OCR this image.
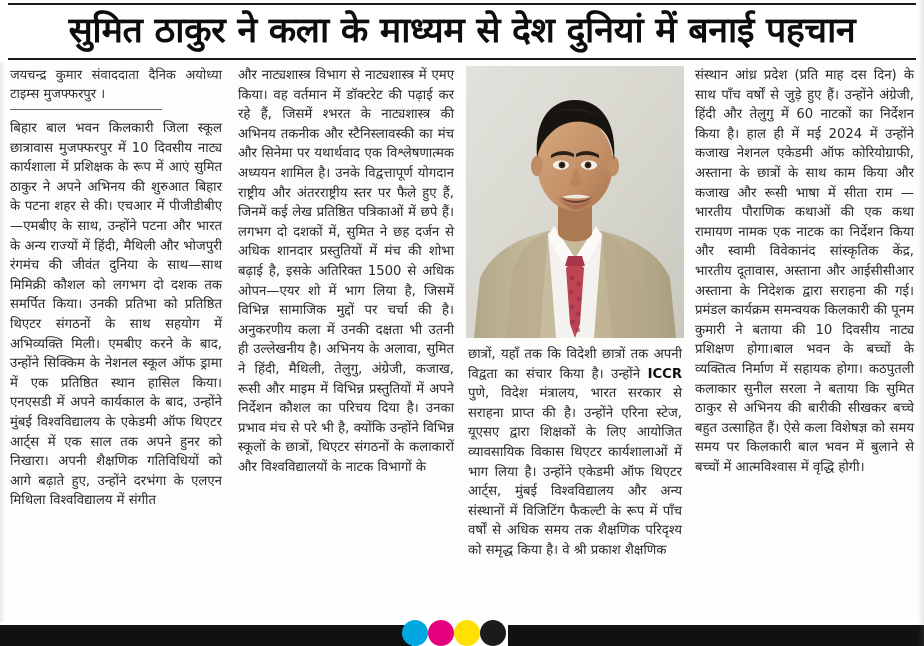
सुमित ठाकुर ने कला के माध्यम से देश दुनियां में बनाई पहचान

जयचन्द्र कुमार संवाददाता दैनिक अयोध्या टाइम्स मुजफ्फरपुर ।

बिहार बाल भवन किलकारी जिला स्कूल छात्रावास मुजफ्फरपुर में 10 दिवसीय नाट्य कार्यशाला में प्रशिक्षक के रूप में आएं सुमित ठाकुर ने अपने अभिनय की शुरुआत बिहार के पटना शहर से की। एचआर में पीजीडीबीए—एमबीए के साथ, उन्होंने पटना और भारत के अन्य राज्यों में हिंदी, मैथिली और भोजपुरी रंगमंच की जीवंत दुनिया के साथ—साथ मिमिक्री कौशल को लगभग दो दशक तक समर्पित किया। उनकी प्रतिभा को प्रतिष्ठित थिएटर संगठनों के साथ सहयोग में अभिव्यक्ति मिली। एमबीए करने के बाद, उन्होंने सिक्किम के नेशनल स्कूल ऑफ ड्रामा में एक प्रतिष्ठित स्थान हासिल किया। एनएसडी में अपने कार्यकाल के बाद, उन्होंने मुंबई विश्वविद्यालय के एकेडमी ऑफ थिएटर आर्ट्स में एक साल तक अपने हुनर को निखारा। अपनी शैक्षणिक गतिविधियों को आगे बढ़ाते हुए, उन्होंने दरभंगा के एलएन मिथिला विश्वविद्यालय में संगीत

और नाट्यशास्त्र विभाग से नाट्यशास्त्र में एमए किया। वह वर्तमान में डॉक्टरेट की पढ़ाई कर रहे हैं, जिसमें श्भरत के नाट्यशास्त्र की अभिनय तकनीक और स्टैनिस्लावस्की का मंच और सिनेमा पर यथार्थवाद एक विश्लेषणात्मक अध्ययन शामिल है। उनके विद्वत्तापूर्ण योगदान राष्ट्रीय और अंतरराष्ट्रीय स्तर पर फैले हुए हैं, जिनमें कई लेख प्रतिष्ठित पत्रिकाओं में छपे हैं। लगभग दो दशकों में, सुमित ने छह दर्जन से अधिक शानदार प्रस्तुतियों में मंच की शोभा बढ़ाई है, इसके अतिरिक्त 1500 से अधिक ओपन—एयर शो में भाग लिया है, जिसमें विभिन्न सामाजिक मुद्दों पर चर्चा की है। अनुकरणीय कला में उनकी दक्षता भी उतनी ही उल्लेखनीय है। अभिनय के अलावा, सुमित ने हिंदी, मैथिली, तेलुगु, अंग्रेजी, कजाख, रूसी और माइम में विभिन्न प्रस्तुतियों में अपने निर्देशन कौशल का परिचय दिया है। उनका प्रभाव मंच से परे भी है, क्योंकि उन्होंने विभिन्न स्कूलों के छात्रों, थिएटर संगठनों के कलाकारों और विश्वविद्यालयों के नाटक विभागों के

छात्रों, यहाँ तक कि विदेशी छात्रों तक अपनी विद्वता का संचार किया है। उन्होंने ICCR पुणे, विदेश मंत्रालय, भारत सरकार से सराहना प्राप्त की है। उन्होंने एरिना स्टेज, यूएसए द्वारा शिक्षकों के लिए आयोजित व्यावसायिक विकास थिएटर कार्यशालाओं में भाग लिया है। उन्होंने एकेडमी ऑफ थिएटर आर्ट्स, मुंबई विश्वविद्यालय और अन्य संस्थानों में विजिटिंग फैकल्टी के रूप में पाँच वर्षों से अधिक समय तक शैक्षणिक परिदृश्य को समृद्ध किया है। वे श्री प्रकाश शैक्षणिक

संस्थान आंध्र प्रदेश (प्रति माह दस दिन) के साथ पाँच वर्षों से जुड़े हुए हैं। उन्होंने अंग्रेजी, हिंदी और तेलुगु में 60 नाटकों का निर्देशन किया है। हाल ही में मई 2024 में उन्होंने कजाख नेशनल एकेडमी ऑफ कोरियोग्राफी, अस्ताना के छात्रों के साथ काम किया और कजाख और रूसी भाषा में सीता राम — भारतीय पौराणिक कथाओं की एक कथा रामायण नामक एक नाटक का निर्देशन किया और स्वामी विवेकानंद सांस्कृतिक केंद्र, भारतीय दूतावास, अस्ताना और आईसीसीआर अस्ताना के निदेशक द्वारा सराहना की गई। प्रमंडल कार्यक्रम समन्वयक किलकारी की पूनम कुमारी ने बताया की 10 दिवसीय नाट्य प्रशिक्षण होगा।बाल भवन के बच्चों के व्यक्तित्व निर्माण में सहायक होगा। कठपुतली कलाकार सुनील सरला ने बताया कि सुमित ठाकुर से अभिनय की बारीकी सीखकर बच्चे बहुत उत्साहित हैं। ऐसे कला विशेषज्ञ को समय समय पर किलकारी बाल भवन में बुलाने से बच्चों में आत्मविश्वास में वृद्धि होगी।
